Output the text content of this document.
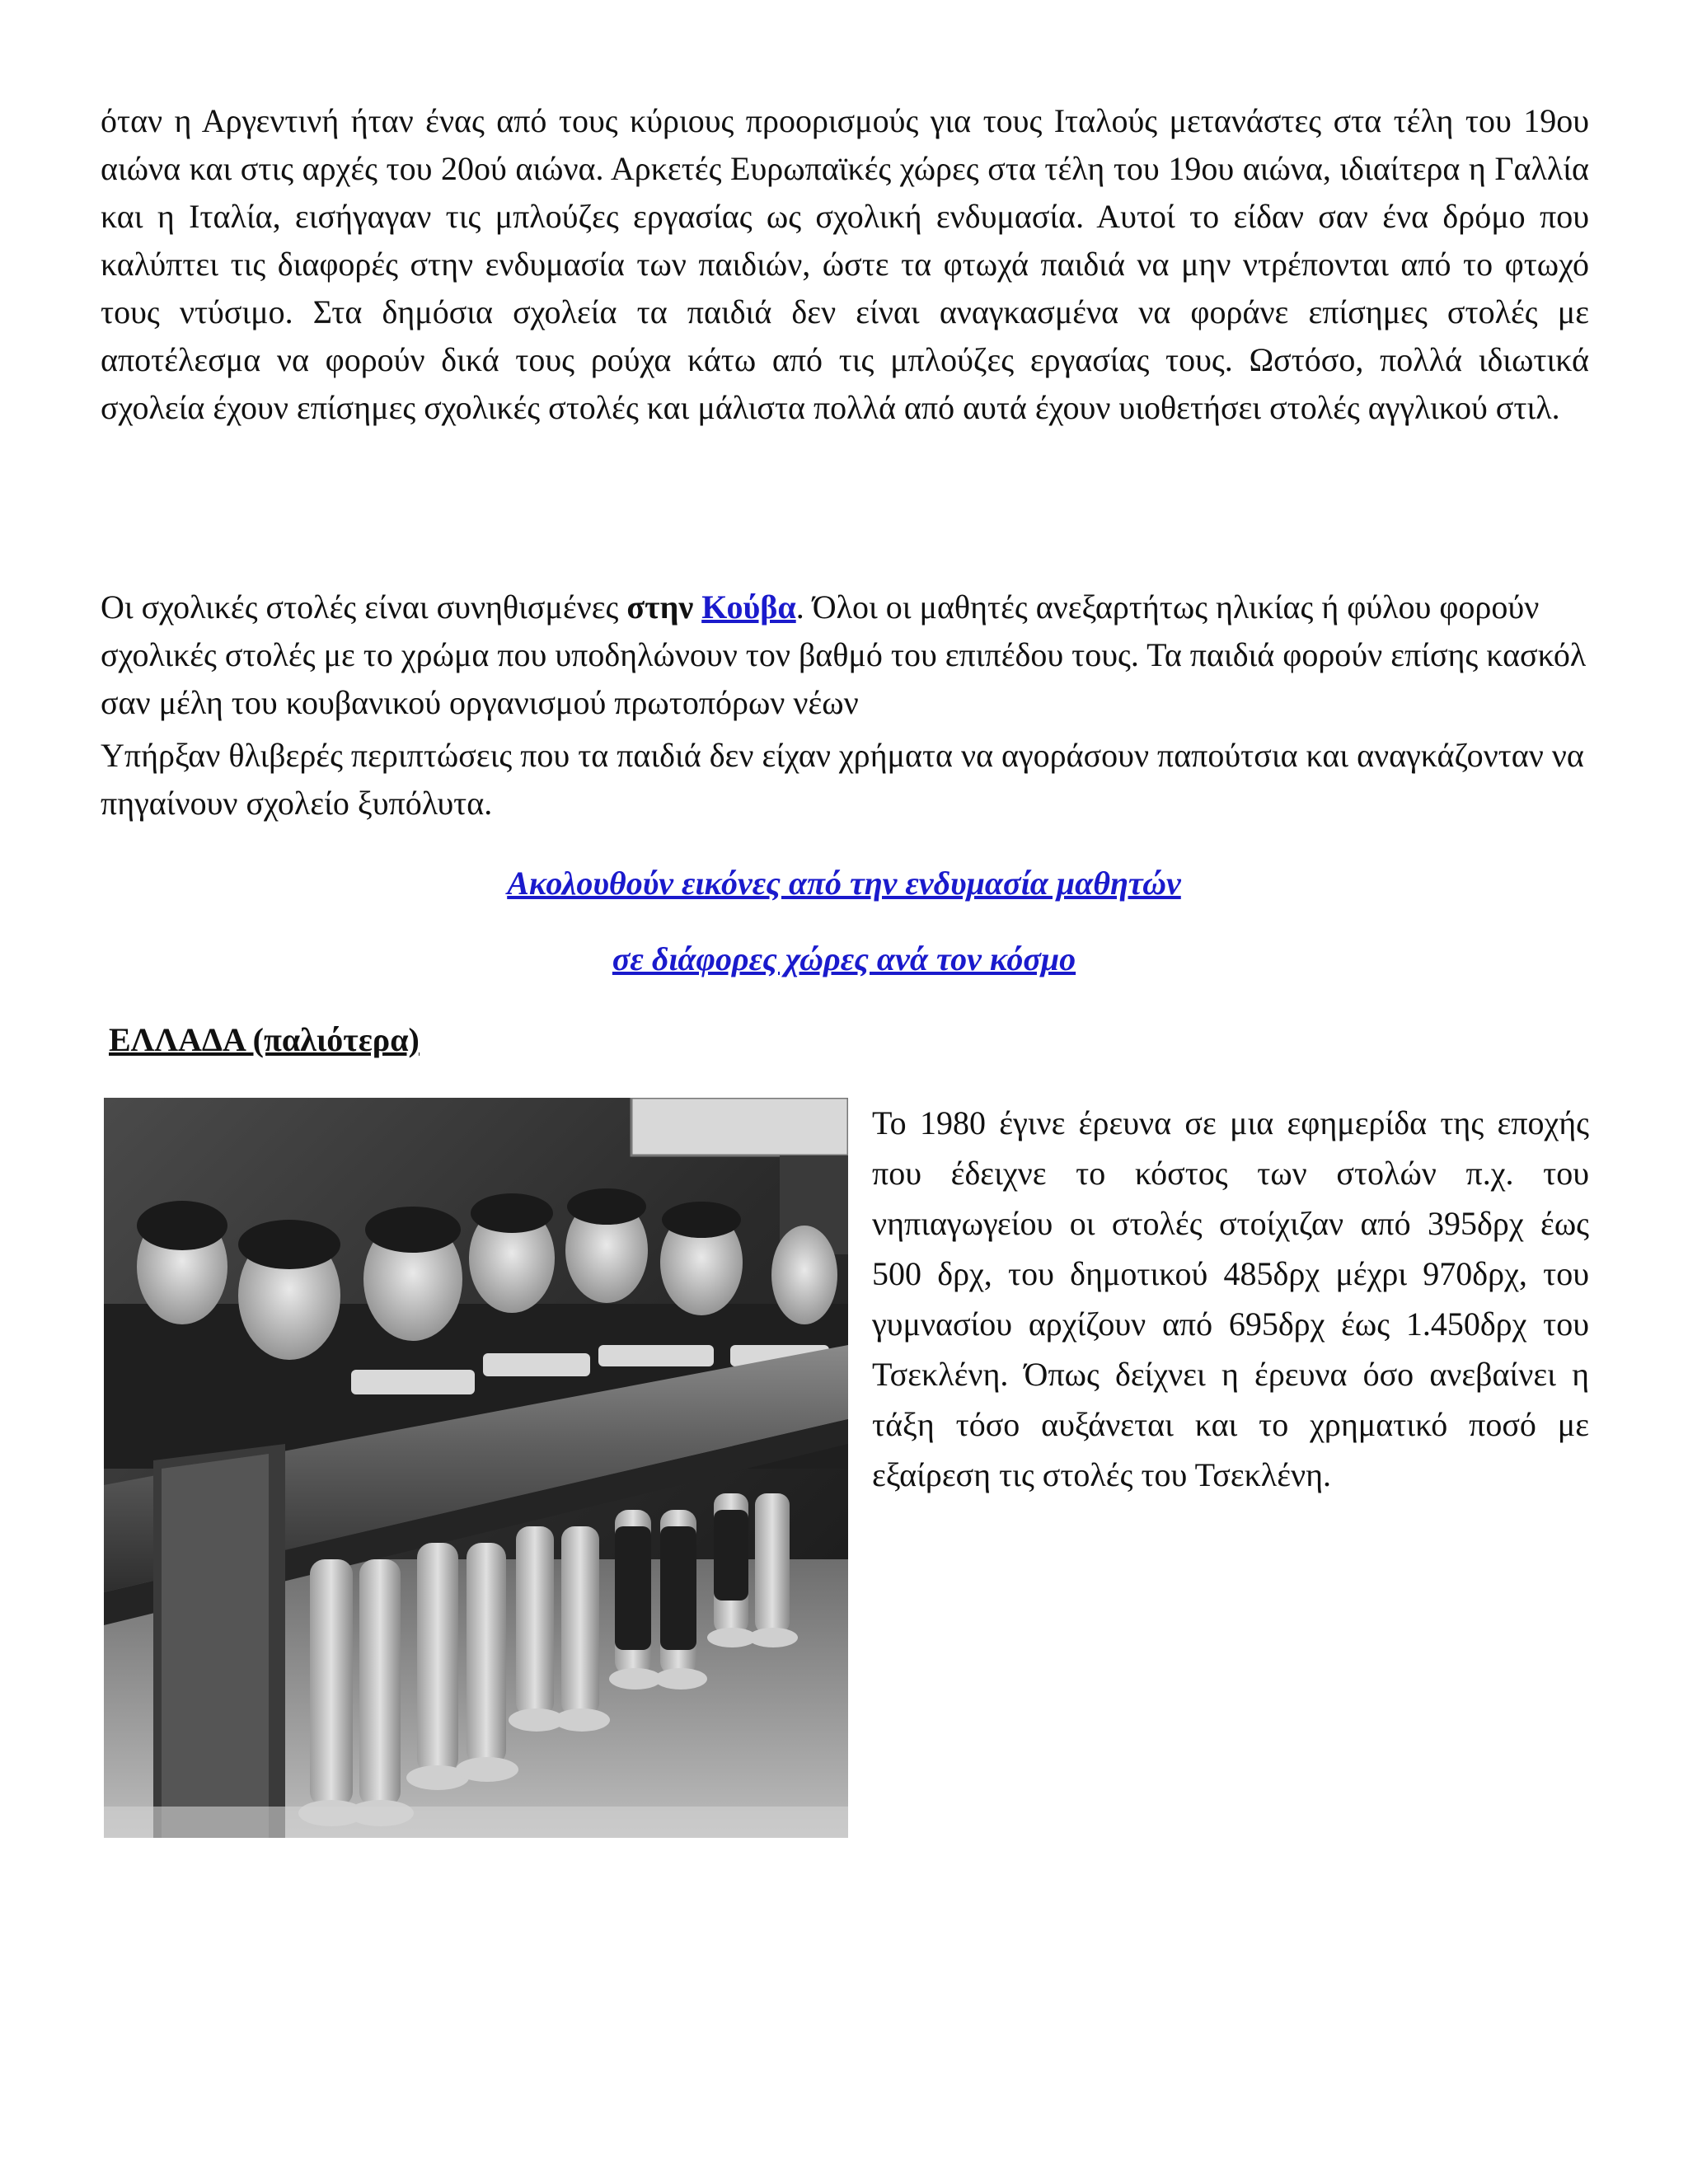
όταν η Αργεντινή ήταν ένας από τους κύριους προορισμούς για τους Ιταλούς μετανάστες στα τέλη του 19ου αιώνα και στις αρχές του 20ού αιώνα. Αρκετές Ευρωπαϊκές χώρες στα τέλη του 19ου αιώνα, ιδιαίτερα η Γαλλία και η Ιταλία, εισήγαγαν τις μπλούζες εργασίας ως σχολική ενδυμασία. Αυτοί το είδαν σαν ένα δρόμο που καλύπτει τις διαφορές στην ενδυμασία των παιδιών, ώστε τα φτωχά παιδιά να μην ντρέπονται από το φτωχό τους ντύσιμο. Στα δημόσια σχολεία τα παιδιά δεν είναι αναγκασμένα να φοράνε επίσημες στολές με αποτέλεσμα να φορούν δικά τους ρούχα κάτω από τις μπλούζες εργασίας τους. Ωστόσο, πολλά ιδιωτικά σχολεία έχουν επίσημες σχολικές στολές και μάλιστα πολλά από αυτά έχουν υιοθετήσει στολές αγγλικού στιλ.

Οι σχολικές στολές είναι συνηθισμένες στην Κούβα. Όλοι οι μαθητές ανεξαρτήτως ηλικίας ή φύλου φορούν σχολικές στολές με το χρώμα που υποδηλώνουν τον βαθμό του επιπέδου τους. Τα παιδιά φορούν επίσης κασκόλ σαν μέλη του κουβανικού οργανισμού πρωτοπόρων νέων

Υπήρξαν θλιβερές περιπτώσεις που τα παιδιά δεν είχαν χρήματα να αγοράσουν παπούτσια και αναγκάζονταν να πηγαίνουν σχολείο ξυπόλυτα.

Ακολουθούν εικόνες από την ενδυμασία μαθητών
σε διάφορες χώρες ανά τον κόσμο
ΕΛΛΑΔΑ (παλιότερα)

Το 1980 έγινε έρευνα σε μια εφημερίδα της εποχής που έδειχνε το κόστος των στολών π.χ. του νηπιαγωγείου οι στολές στοίχιζαν από 395δρχ έως 500 δρχ, του δημοτικού 485δρχ μέχρι 970δρχ, του γυμνασίου αρχίζουν από 695δρχ έως 1.450δρχ του Τσεκλένη. Όπως δείχνει η έρευνα όσο ανεβαίνει η τάξη τόσο αυξάνεται και το χρηματικό ποσό με εξαίρεση τις στολές του Τσεκλένη.
